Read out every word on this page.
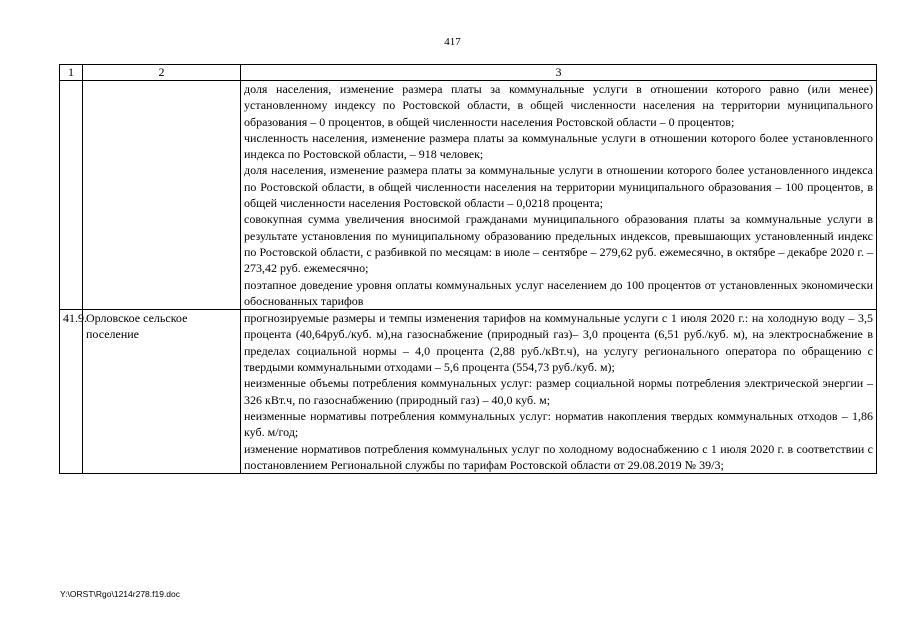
417
1	2	3

		доля населения, изменение размера платы за коммунальные услуги в отношении которого равно (или менее) установленному индексу по Ростовской области, в общей численности населения на территории муниципального образования – 0 процентов, в общей численности населения Ростовской области – 0 процентов;

численность населения, изменение размера платы за коммунальные услуги в отношении которого более установленного индекса по Ростовской области, – 918 человек;

доля населения, изменение размера платы за коммунальные услуги в отношении которого более установленного индекса по Ростовской области, в общей численности населения на территории муниципального образования – 100 процентов, в общей численности населения Ростовской области – 0,0218 процента;

совокупная сумма увеличения вносимой гражданами муниципального образования платы за коммунальные услуги в результате установления по муниципальному образованию предельных индексов, превышающих установленный индекс по Ростовской области, с разбивкой по месяцам: в июле – сентябре – 279,62 руб. ежемесячно, в октябре – декабре 2020 г. – 273,42 руб. ежемесячно;

поэтапное доведение уровня оплаты коммунальных услуг населением до 100 процентов от установленных экономически обоснованных тарифов

41.9.	Орловское сельское поселение	прогнозируемые размеры и темпы изменения тарифов на коммунальные услуги с 1 июля 2020 г.: на холодную воду – 3,5 процента (40,64руб./куб. м),на газоснабжение (природный газ)– 3,0 процента (6,51 руб./куб. м), на электроснабжение в пределах социальной нормы – 4,0 процента (2,88 руб./кВт.ч), на услугу регионального оператора по обращению с твердыми коммунальными отходами – 5,6 процента (554,73 руб./куб. м);

неизменные объемы потребления коммунальных услуг: размер социальной нормы потребления электрической энергии – 326 кВт.ч, по газоснабжению (природный газ) – 40,0 куб. м;

неизменные нормативы потребления коммунальных услуг: норматив накопления твердых коммунальных отходов – 1,86 куб. м/год;

изменение нормативов потребления коммунальных услуг по холодному водоснабжению с 1 июля 2020 г. в соответствии с постановлением Региональной службы по тарифам Ростовской области от 29.08.2019 № 39/3;

Y:\ORST\Rgo\1214r278.f19.doc
